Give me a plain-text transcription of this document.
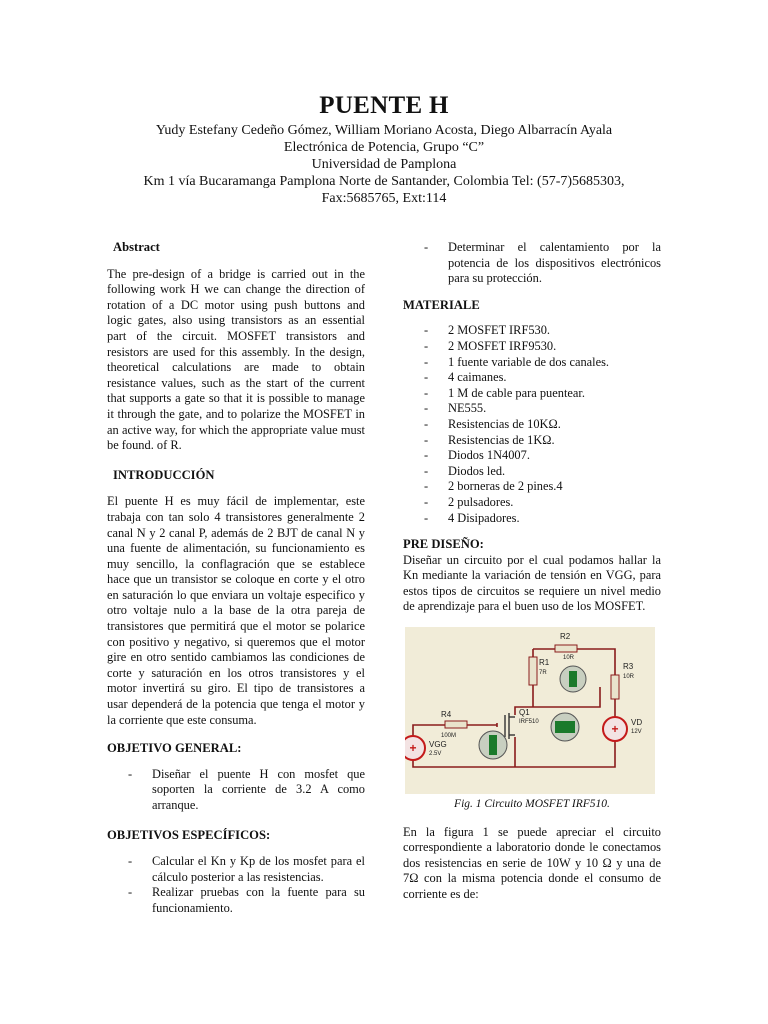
PUENTE H
Yudy Estefany Cedeño Gómez, William Moriano Acosta, Diego Albarracín Ayala
Electrónica de Potencia, Grupo “C”
Universidad de Pamplona
Km 1 vía Bucaramanga Pamplona Norte de Santander, Colombia Tel: (57-7)5685303,
Fax:5685765, Ext:114

Abstract

The pre-design of a bridge is carried out in the following work H we can change the direction of rotation of a DC motor using push buttons and logic gates, also using transistors as an essential part of the circuit. MOSFET transistors and resistors are used for this assembly. In the design, theoretical calculations are made to obtain resistance values, such as the start of the current that supports a gate so that it is possible to manage it through the gate, and to polarize the MOSFET in an active way, for which the appropriate value must be found. of R.

INTRODUCCIÓN

El puente H es muy fácil de implementar, este trabaja con tan solo 4 transistores generalmente 2 canal N y 2 canal P, además de 2 BJT de canal N y una fuente de alimentación, su funcionamiento es muy sencillo, la conflagración que se establece hace que un transistor se coloque en corte y el otro en saturación lo que enviara un voltaje especifico y otro voltaje nulo a la base de la otra pareja de transistores que permitirá que el motor se polarice con positivo y negativo, si queremos que el motor gire en otro sentido cambiamos las condiciones de corte y saturación en los otros transistores y el motor invertirá su giro. El tipo de transistores a usar dependerá de la potencia que tenga el motor y la corriente que este consuma.

OBJETIVO GENERAL:

- Diseñar el puente H con mosfet que soporten la corriente de 3.2 A como arranque.

OBJETIVOS ESPECÍFICOS:

- Calcular el Kn y Kp de los mosfet para el cálculo posterior a las resistencias.
- Realizar pruebas con la fuente para su funcionamiento.
- Determinar el calentamiento por la potencia de los dispositivos electrónicos para su protección.

MATERIALE

- 2 MOSFET IRF530.
- 2 MOSFET IRF9530.
- 1 fuente variable de dos canales.
- 4 caimanes.
- 1 M de cable para puentear.
- NE555.
- Resistencias de 10KΩ.
- Resistencias de 1KΩ.
- Diodos 1N4007.
- Diodos led.
- 2 borneras de 2 pines.4
- 2 pulsadores.
- 4 Disipadores.

PRE DISEÑO:

Diseñar un circuito por el cual podamos hallar la Kn mediante la variación de tensión en VGG, para estos tipos de circuitos se requiere un nivel medio de aprendizaje para el buen uso de los MOSFET.

+
+
R2
10R
R1
7R
R3
10R
R4
100M
Q1
IRF510	VD
12V
VGG
2.5V
Fig. 1 Circuito MOSFET IRF510.

En la figura 1 se puede apreciar el circuito correspondiente a laboratorio donde le conectamos dos resistencias en serie de 10W y 10 Ω y una de 7Ω con la misma potencia donde el consumo de corriente es de:
